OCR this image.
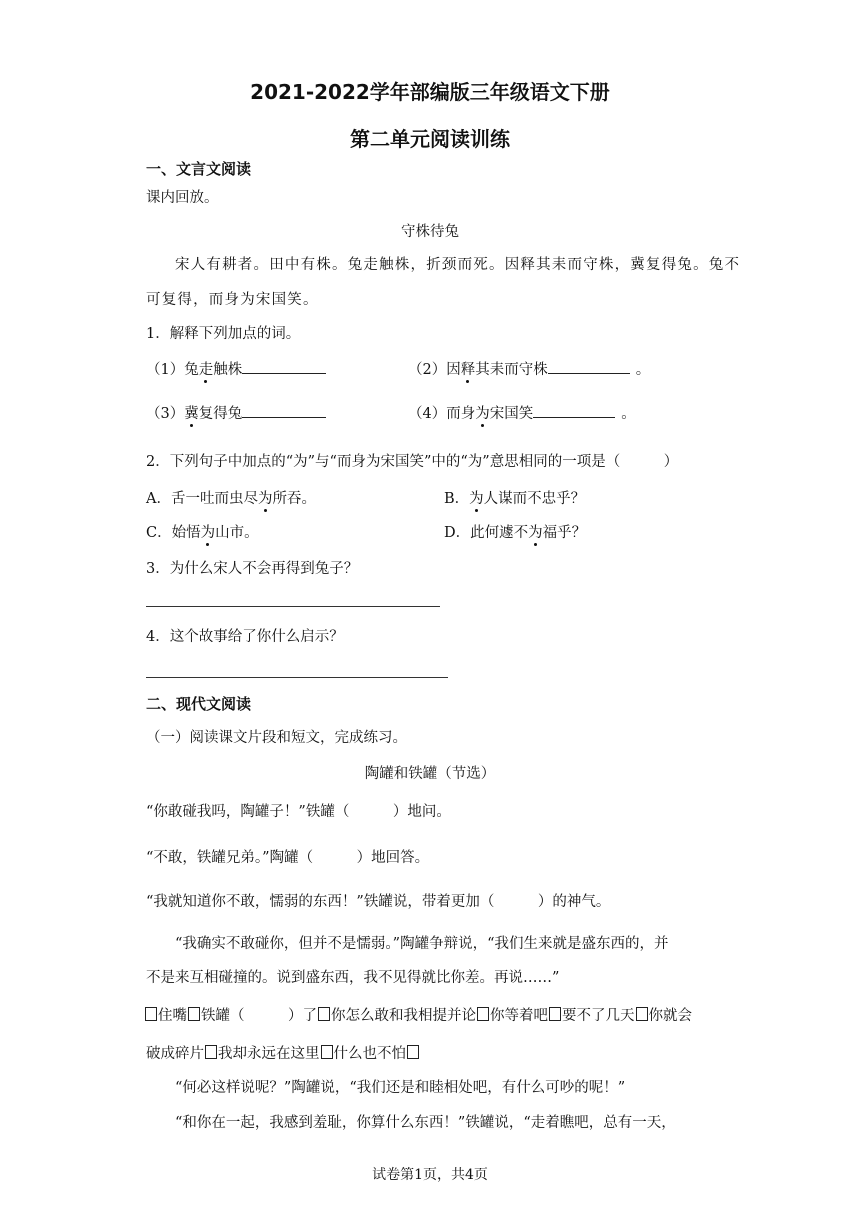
2021-2022学年部编版三年级语文下册
第二单元阅读训练
一、文言文阅读
课内回放。
守株待兔
宋人有耕者。田中有株。兔走触株，折颈而死。因释其耒而守株，冀复得兔。兔不
可复得，而身为宋国笑。
1．解释下列加点的词。
（1）兔走触株	（2）因释其耒而守株	。
（3）冀复得兔	（4）而身为宋国笑	。
2．下列句子中加点的“为”与“而身为宋国笑”中的“为”意思相同的一项是（　　　）
A．舌一吐而虫尽为所吞。	B．为人谋而不忠乎？
C．始悟为山市。	D．此何遽不为福乎？
3．为什么宋人不会再得到兔子？
4．这个故事给了你什么启示？
二、现代文阅读
（一）阅读课文片段和短文，完成练习。
陶罐和铁罐（节选）
“你敢碰我吗，陶罐子！”铁罐（　　　）地问。
“不敢，铁罐兄弟。”陶罐（　　　）地回答。
“我就知道你不敢，懦弱的东西！”铁罐说，带着更加（　　　）的神气。
“我确实不敢碰你，但并不是懦弱。”陶罐争辩说，“我们生来就是盛东西的，并
不是来互相碰撞的。说到盛东西，我不见得就比你差。再说……”
住嘴 铁罐（　　　）了 你怎么敢和我相提并论 你等着吧 要不了几天 你就会
破成碎片 我却永远在这里 什么也不怕
“何必这样说呢？”陶罐说，“我们还是和睦相处吧，有什么可吵的呢！”
“和你在一起，我感到羞耻，你算什么东西！”铁罐说，“走着瞧吧，总有一天，
试卷第1页，共4页
